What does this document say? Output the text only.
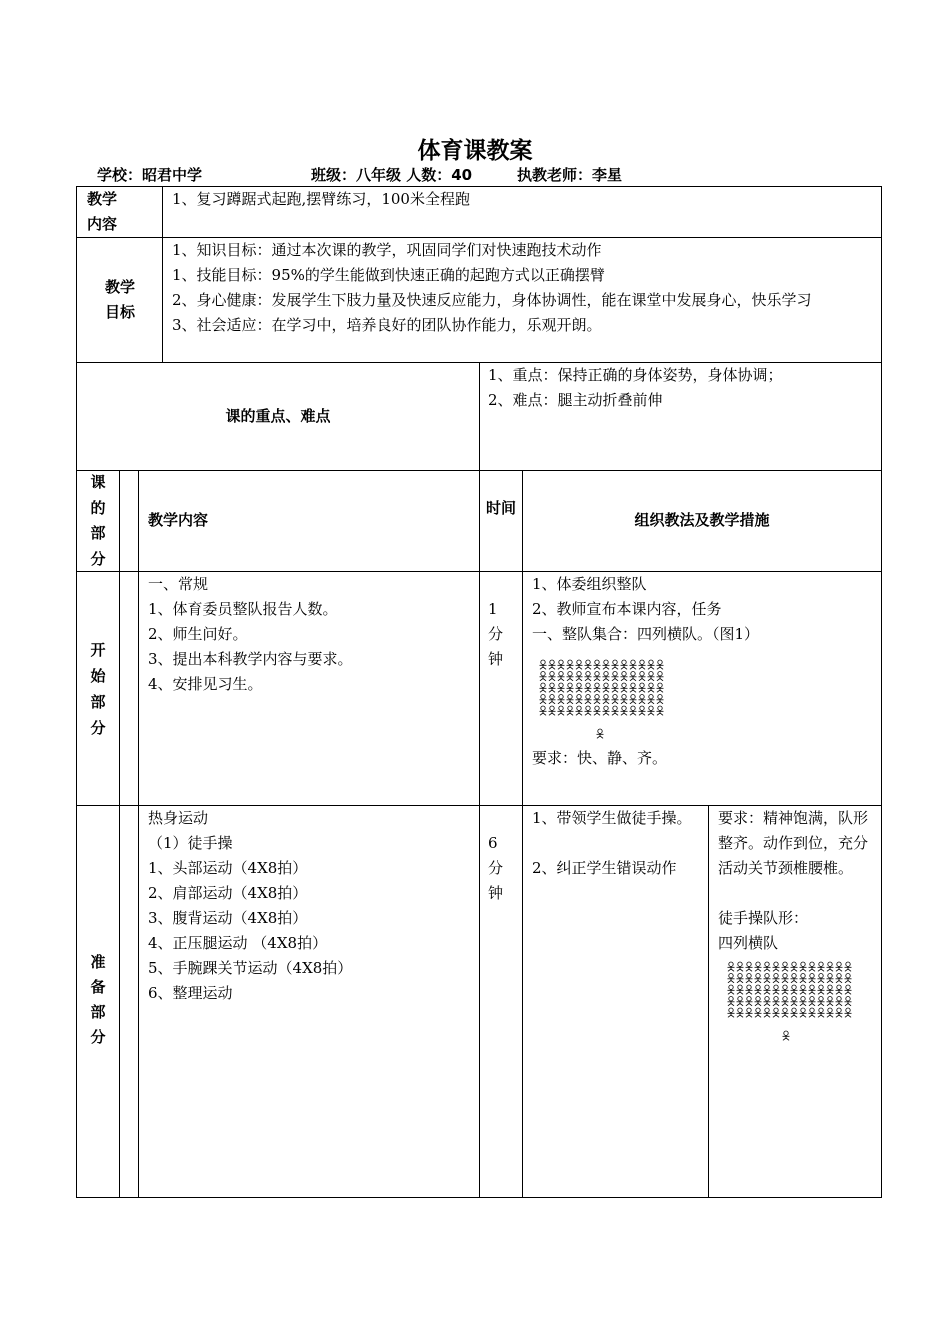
体育课教案
学校：昭君中学	班级：八年级 人数：40	执教老师：李星
教学内容
1、复习蹲踞式起跑,摆臂练习，100米全程跑
教学目标
1、知识目标：通过本次课的教学，巩固同学们对快速跑技术动作
1、技能目标：95%的学生能做到快速正确的起跑方式以正确摆臂
2、身心健康：发展学生下肢力量及快速反应能力，身体协调性，能在课堂中发展身心，快乐学习
3、社会适应：在学习中，培养良好的团队协作能力，乐观开朗。
课的重点、难点
1、重点：保持正确的身体姿势，身体协调；
2、难点：腿主动折叠前伸
课的部分
教学内容
时间
组织教法及教学措施
开始部分
一、常规
1、体育委员整队报告人数。
2、师生问好。
3、提出本科教学内容与要求。
4、安排见习生。
1分钟
1、体委组织整队
2、教师宣布本课内容，任务
一、整队集合：四列横队。（图1）
要求：快、静、齐。
准备部分
热身运动
（1）徒手操
1、头部运动（4X8拍）
2、肩部运动（4X8拍）
3、腹背运动（4X8拍）
4、正压腿运动 （4X8拍）
5、手腕踝关节运动（4X8拍）
6、整理运动
6分钟
1、带领学生做徒手操。
2、纠正学生错误动作
要求：精神饱满，队形
整齐。动作到位，充分
活动关节颈椎腰椎。
徒手操队形：
四列横队
